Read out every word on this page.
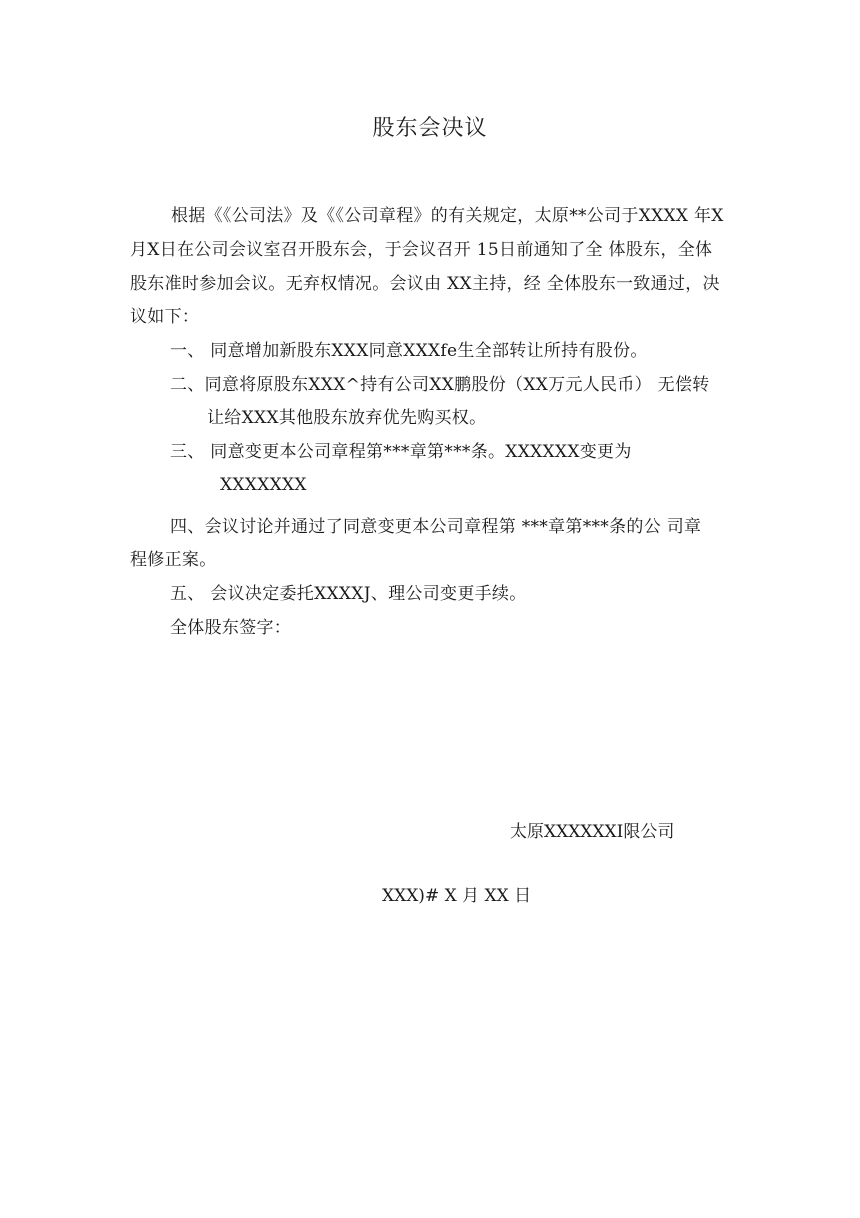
股东会决议
根据《《公司法》及《《公司章程》的有关规定，太原**公司于XXXX 年X
月X日在公司会议室召开股东会，于会议召开 15日前通知了全 体股东，全体
股东准时参加会议。无弃权情况。会议由 XX主持，经 全体股东一致通过，决
议如下：
一、 同意增加新股东XXX同意XXXfe生全部转让所持有股份。
二、同意将原股东XXX^持有公司XX鹏股份（XX万元人民币） 无偿转
让给XXX其他股东放弃优先购买权。
三、 同意变更本公司章程第***章第***条。XXXXXX变更为
XXXXXXX
四、会议讨论并通过了同意变更本公司章程第 ***章第***条的公 司章
程修正案。
五、 会议决定委托XXXXJ、理公司变更手续。
全体股东签字：
太原XXXXXXI限公司
XXX)# X 月 XX 日
